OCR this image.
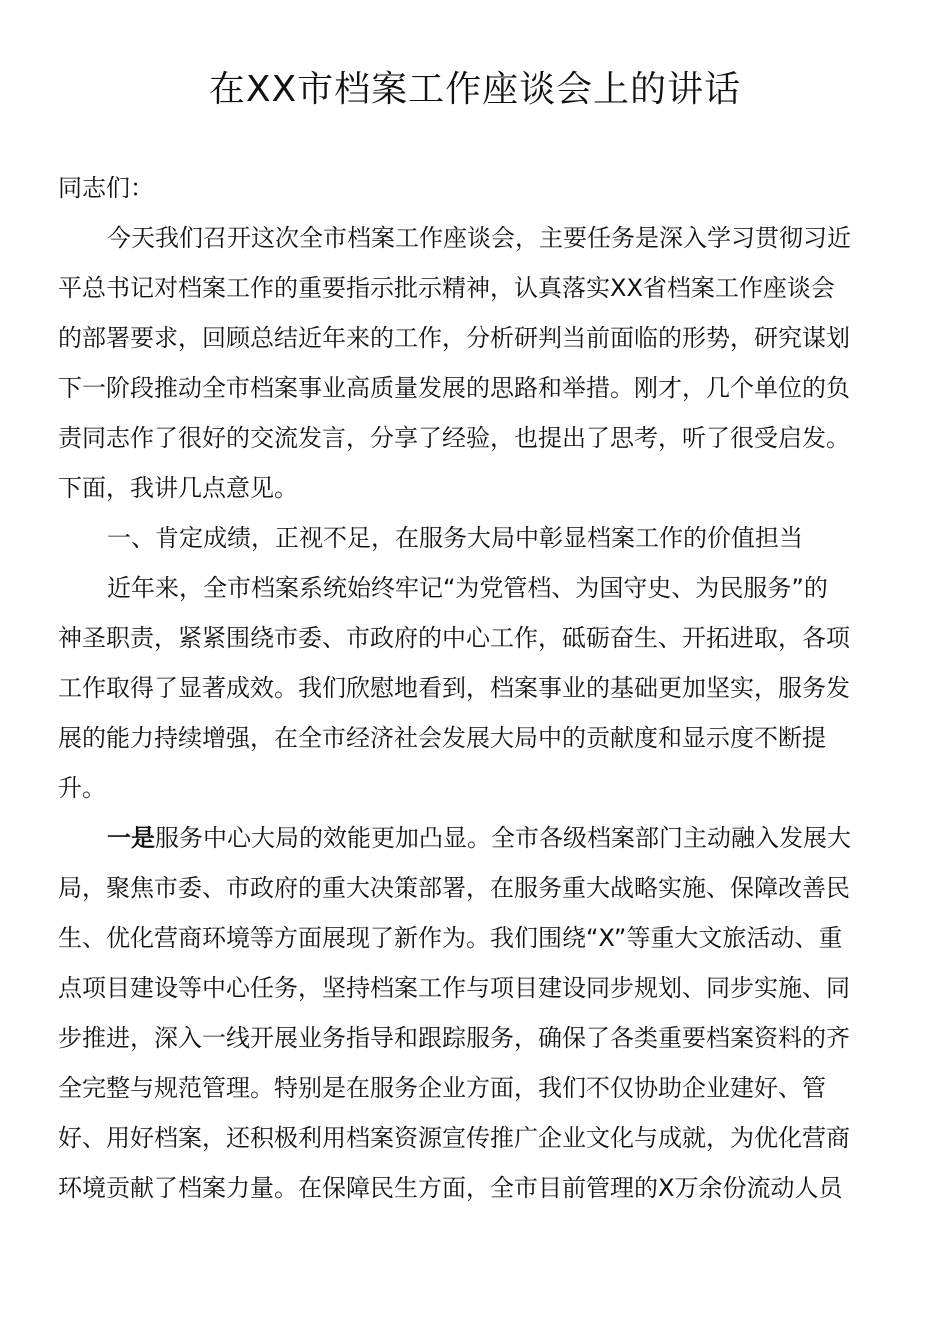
在XX市档案工作座谈会上的讲话

同志们：

今天我们召开这次全市档案工作座谈会，主要任务是深入学习贯彻习近

平总书记对档案工作的重要指示批示精神，认真落实XX省档案工作座谈会

的部署要求，回顾总结近年来的工作，分析研判当前面临的形势，研究谋划

下一阶段推动全市档案事业高质量发展的思路和举措。刚才，几个单位的负

责同志作了很好的交流发言，分享了经验，也提出了思考，听了很受启发。

下面，我讲几点意见。

一、肯定成绩，正视不足，在服务大局中彰显档案工作的价值担当

近年来，全市档案系统始终牢记“为党管档、为国守史、为民服务”的

神圣职责，紧紧围绕市委、市政府的中心工作，砥砺奋生、开拓进取，各项

工作取得了显著成效。我们欣慰地看到，档案事业的基础更加坚实，服务发

展的能力持续增强，在全市经济社会发展大局中的贡献度和显示度不断提

升。

一是服务中心大局的效能更加凸显。全市各级档案部门主动融入发展大

局，聚焦市委、市政府的重大决策部署，在服务重大战略实施、保障改善民

生、优化营商环境等方面展现了新作为。我们围绕“X”等重大文旅活动、重

点项目建设等中心任务，坚持档案工作与项目建设同步规划、同步实施、同

步推进，深入一线开展业务指导和跟踪服务，确保了各类重要档案资料的齐

全完整与规范管理。特别是在服务企业方面，我们不仅协助企业建好、管

好、用好档案，还积极利用档案资源宣传推广企业文化与成就，为优化营商

环境贡献了档案力量。在保障民生方面，全市目前管理的X万余份流动人员
